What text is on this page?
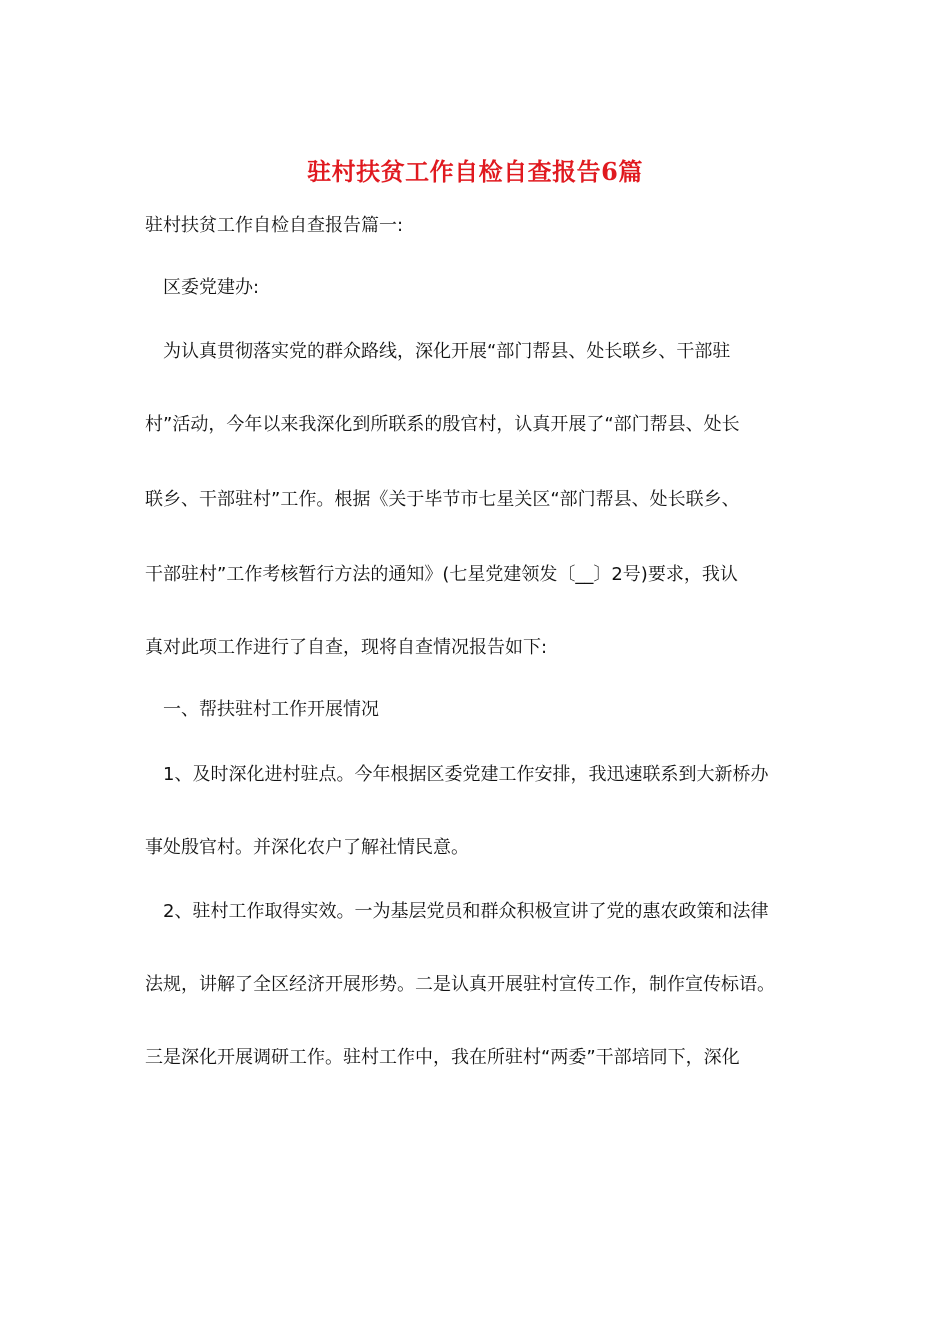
驻村扶贫工作自检自查报告6篇
驻村扶贫工作自检自查报告篇一:
区委党建办:
为认真贯彻落实党的群众路线，深化开展“部门帮县、处长联乡、干部驻
村”活动，今年以来我深化到所联系的殷官村，认真开展了“部门帮县、处长
联乡、干部驻村”工作。根据《关于毕节市七星关区“部门帮县、处长联乡、
干部驻村”工作考核暂行方法的通知》(七星党建领发〔__〕2号)要求，我认
真对此项工作进行了自查，现将自查情况报告如下:
一、帮扶驻村工作开展情况
1、及时深化进村驻点。今年根据区委党建工作安排，我迅速联系到大新桥办
事处殷官村。并深化农户了解社情民意。
2、驻村工作取得实效。一为基层党员和群众积极宣讲了党的惠农政策和法律
法规，讲解了全区经济开展形势。二是认真开展驻村宣传工作，制作宣传标语。
三是深化开展调研工作。驻村工作中，我在所驻村“两委”干部培同下，深化
